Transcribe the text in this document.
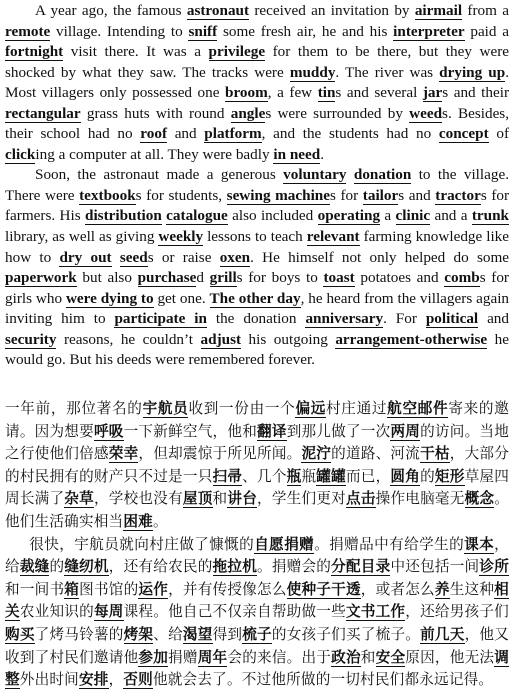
A year ago, the famous astronaut received an invitation by airmail from a remote village. Intending to sniff some fresh air, he and his interpreter paid a fortnight visit there. It was a privilege for them to be there, but they were shocked by what they saw. The tracks were muddy. The river was drying up. Most villagers only possessed one broom, a few tins and several jars and their rectangular grass huts with round angles were surrounded by weeds. Besides, their school had no roof and platform, and the students had no concept of clicking a computer at all. They were badly in need.

Soon, the astronaut made a generous voluntary donation to the village. There were textbooks for students, sewing machines for tailors and tractors for farmers. His distribution catalogue also included operating a clinic and a trunk library, as well as giving weekly lessons to teach relevant farming knowledge like how to dry out seeds or raise oxen. He himself not only helped do some paperwork but also purchased grills for boys to toast potatoes and combs for girls who were dying to get one. The other day, he heard from the villagers again inviting him to participate in the donation anniversary. For political and security reasons, he couldn’t adjust his outgoing arrangement-otherwise he would go. But his deeds were remembered forever.

一年前，那位著名的宇航员收到一份由一个偏远村庄通过航空邮件寄来的邀请。因为想要呼吸一下新鲜空气，他和翻译到那儿做了一次两周的访问。当地之行使他们倍感荣幸，但却震惊于所见所闻。泥泞的道路、河流干枯，大部分的村民拥有的财产只不过是一只扫帚、几个瓶瓶罐罐而已，圆角的矩形草屋四周长满了杂草，学校也没有屋顶和讲台，学生们更对点击操作电脑毫无概念。他们生活确实相当困难。

很快，宇航员就向村庄做了慷慨的自愿捐赠。捐赠品中有给学生的课本，给裁缝的缝纫机，还有给农民的拖拉机。捐赠会的分配目录中还包括一间诊所和一间书箱图书馆的运作，并有传授像怎么使种子干透，或者怎么养生这种相关农业知识的每周课程。他自己不仅亲自帮助做一些文书工作，还给男孩子们购买了烤马铃薯的烤架、给渴望得到梳子的女孩子们买了梳子。前几天，他又收到了村民们邀请他参加捐赠周年会的来信。出于政治和安全原因，他无法调整外出时间安排，否则他就会去了。不过他所做的一切村民们都永远记得。
